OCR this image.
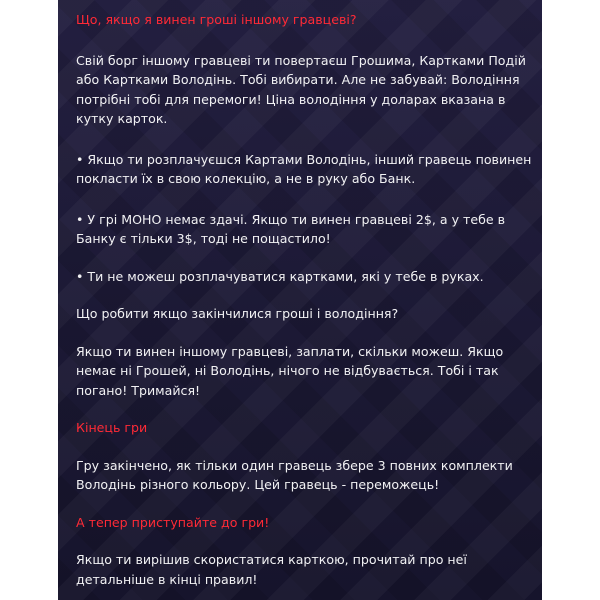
Що, якщо я винен гроші іншому гравцеві?

Свій борг іншому гравцеві ти повертаєш Грошима, Картками Подій або Картками Володінь. Тобі вибирати. Але не забувай: Володіння потрібні тобі для перемоги! Ціна володіння у доларах вказана в кутку карток.

• Якщо ти розплачуєшся Картами Володінь, інший гравець повинен покласти їх в свою колекцію, а не в руку або Банк.

• У грі МОНО немає здачі. Якщо ти винен гравцеві 2$, а у тебе в Банку є тільки 3$, тоді не пощастило!

• Ти не можеш розплачуватися картками, які у тебе в руках.

Що робити якщо закінчилися гроші і володіння?

Якщо ти винен іншому гравцеві, заплати, скільки можеш. Якщо немає ні Грошей, ні Володінь, нічого не відбувається. Тобі і так погано! Тримайся!

Кінець гри

Гру закінчено, як тільки один гравець збере 3 повних комплекти Володінь різного кольору. Цей гравець - переможець!

А тепер приступайте до гри!

Якщо ти вирішив скористатися карткою, прочитай про неї детальніше в кінці правил!
